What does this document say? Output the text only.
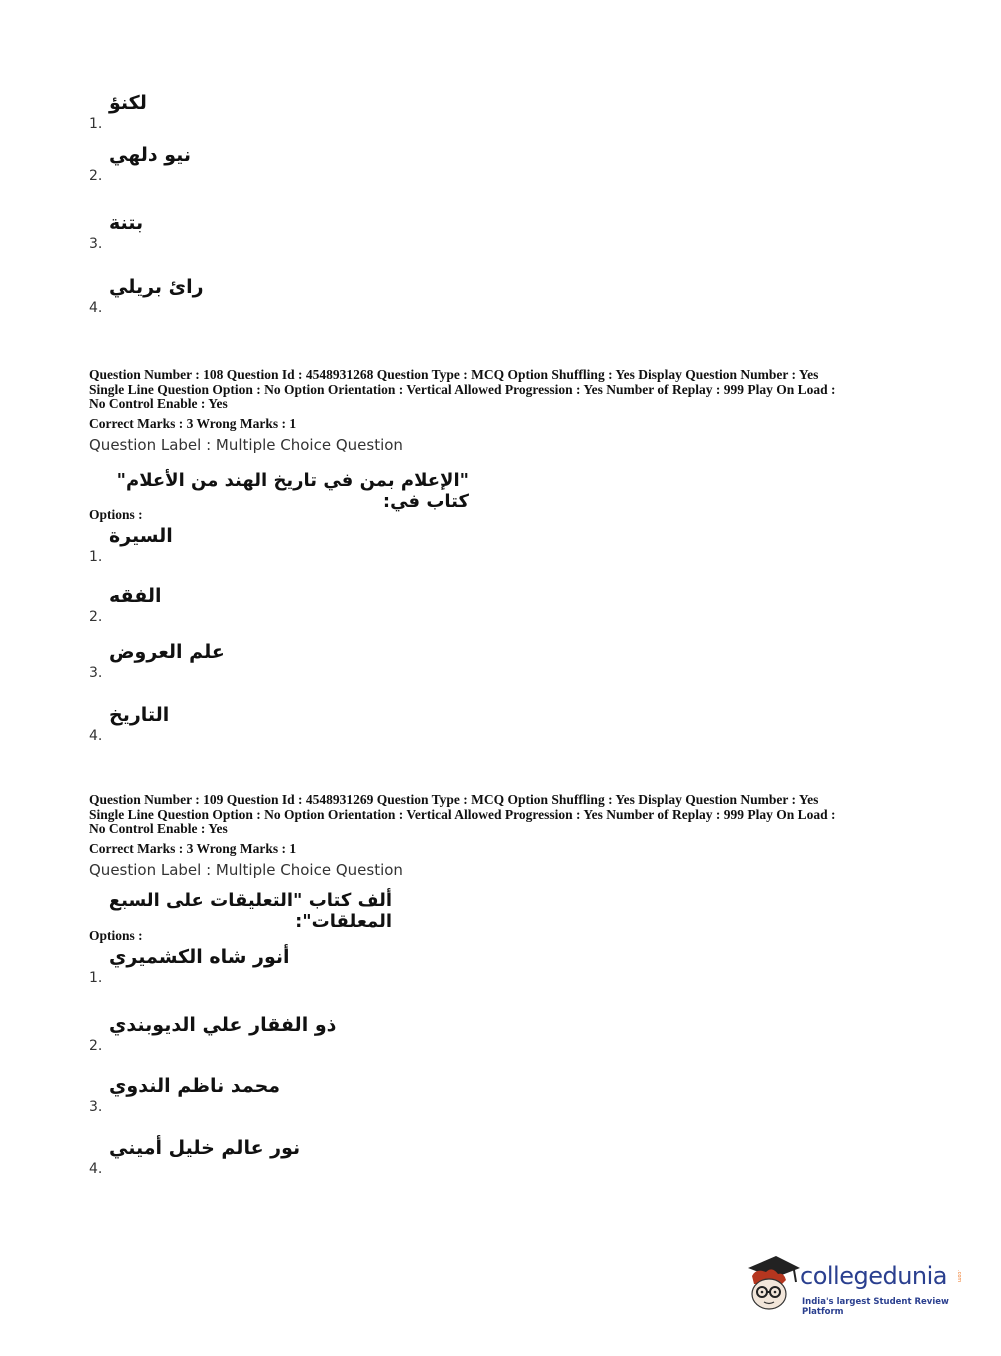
1.
لكنؤ
2.
نيو دلهي
3.
بتنة
4.
رائ بريلي
Question Number : 108 Question Id : 4548931268 Question Type : MCQ Option Shuffling : Yes Display Question Number : Yes
Single Line Question Option : No Option Orientation : Vertical Allowed Progression : Yes Number of Replay : 999 Play On Load :
No Control Enable : Yes
Correct Marks : 3 Wrong Marks : 1
Question Label : Multiple Choice Question
"الإعلام بمن في تاريخ الهند من الأعلام" كتاب في:
Options :
1.
السيرة
2.
الفقه
3.
علم العروض
4.
التاريخ
Question Number : 109 Question Id : 4548931269 Question Type : MCQ Option Shuffling : Yes Display Question Number : Yes
Single Line Question Option : No Option Orientation : Vertical Allowed Progression : Yes Number of Replay : 999 Play On Load :
No Control Enable : Yes
Correct Marks : 3 Wrong Marks : 1
Question Label : Multiple Choice Question
ألف كتاب "التعليقات على السبع المعلقات":
Options :
1.
أنور شاه الكشميري
2.
ذو الفقار علي الديوبندي
3.
محمد ناظم الندوي
4.
نور عالم خليل أميني
collegedunia .com
India's largest Student Review Platform
